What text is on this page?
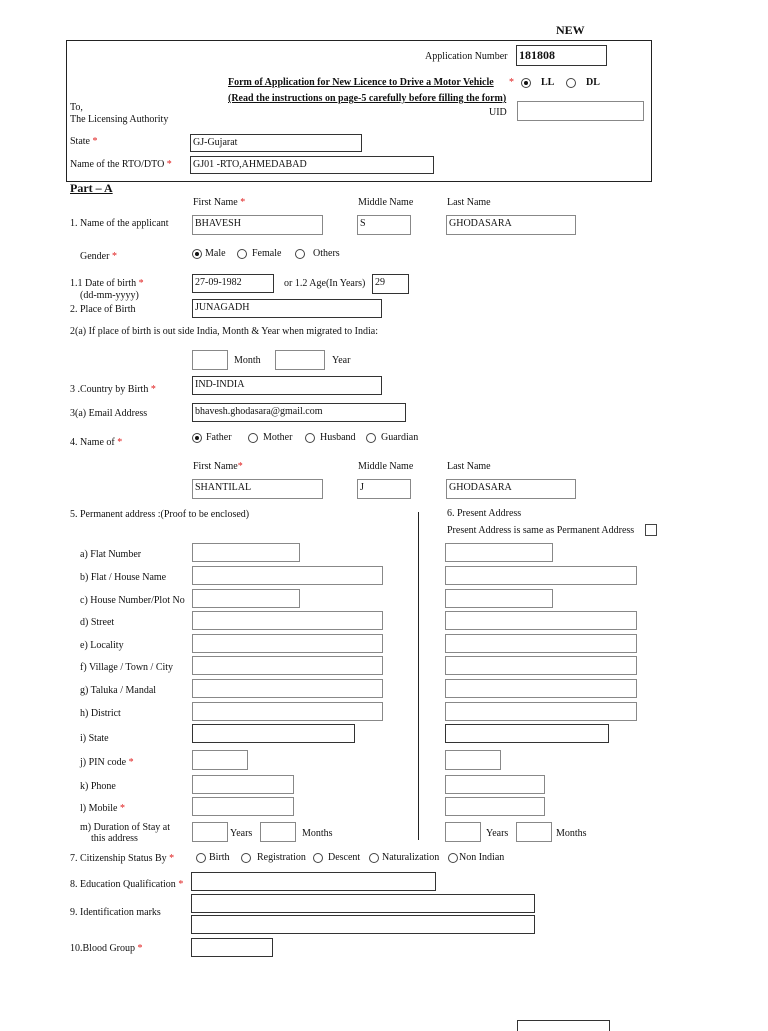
NEW
Application Number 181808
Form of Application for New Licence to Drive a Motor Vehicle *	LL	DL
(Read the instructions on page-5 carefully before filling the form)
UID
To,
The Licensing Authority
State *	GJ-Gujarat
Name of the RTO/DTO *	GJ01 -RTO,AHMEDABAD
Part – A
First Name *	Middle Name	Last Name
1. Name of the applicant	BHAVESH	S	GHODASARA
Gender *	Male	Female	Others
1.1 Date of birth *
(dd-mm-yyyy)
27-09-1982	or 1.2 Age(In Years) 29
2. Place of Birth	JUNAGADH
2(a) If place of birth is out side India, Month & Year when migrated to India:
Month	Year
3 .Country by Birth *	IND-INDIA
3(a) Email Address	bhavesh.ghodasara@gmail.com
4. Name of *	Father	Mother	Husband	Guardian
First Name*	Middle Name	Last Name
SHANTILAL	J	GHODASARA
5. Permanent address :(Proof to be enclosed)	6. Present Address
Present Address is same as Permanent Address
a) Flat Number
b) Flat / House Name
c) House Number/Plot No
d) Street
e) Locality
f) Village / Town / City
g) Taluka / Mandal
h) District
i) State
j) PIN code *
k) Phone
l) Mobile *
m) Duration of Stay at
this address	Years	Months	Years	Months
7. Citizenship Status By *	Birth	Registration Descent Naturalization Non Indian
8. Education Qualification *
9. Identification marks
10.Blood Group *
